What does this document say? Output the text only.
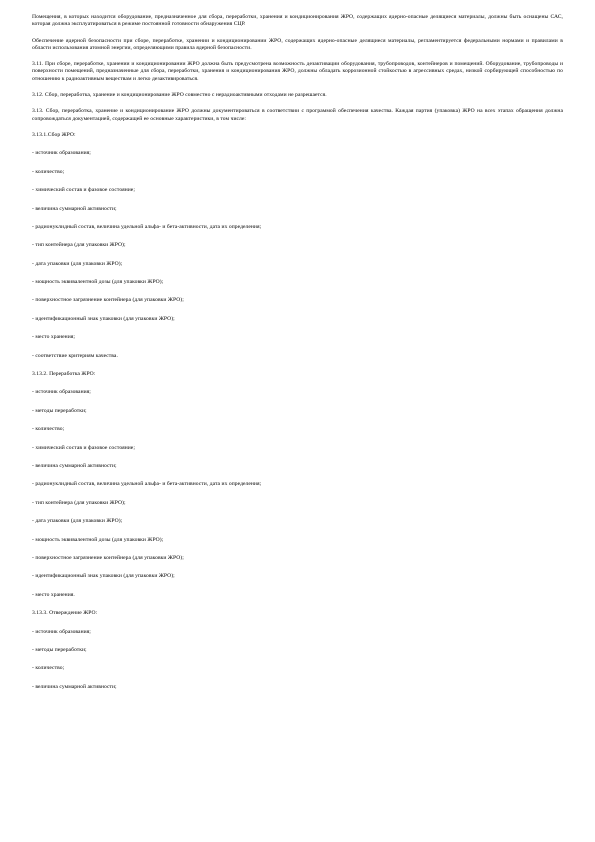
Помещения, в которых находится оборудование, предназначенное для сбора, переработки, хранения и кондиционирования ЖРО, содержащих ядерно-опасные делящиеся материалы, должны быть оснащены САС, которая должна эксплуатироваться в режиме постоянной готовности обнаружения СЦР.
Обеспечение ядерной безопасности при сборе, переработке, хранении и кондиционировании ЖРО, содержащих ядерно-опасные делящиеся материалы, регламентируется федеральными нормами и правилами в области использования атомной энергии, определяющими правила ядерной безопасности.
3.11. При сборе, переработке, хранении и кондиционировании ЖРО должна быть предусмотрена возможность дезактивации оборудования, трубопроводов, контейнеров и помещений. Оборудование, трубопроводы и поверхности помещений, предназначенные для сбора, переработки, хранения и кондиционирования ЖРО, должны обладать коррозионной стойкостью в агрессивных средах, низкой сорбирующей способностью по отношению к радиоактивным веществам и легко дезактивироваться.
3.12. Сбор, переработка, хранение и кондиционирование ЖРО совместно с нерадиоактивными отходами не разрешается.
3.13. Сбор, переработка, хранение и кондиционирование ЖРО должны документироваться в соответствии с программой обеспечения качества. Каждая партия (упаковка) ЖРО на всех этапах обращения должна сопровождаться документацией, содержащей ее основные характеристики, в том числе:
3.13.1.Сбор ЖРО:
- источник образования;
- количество;
- химический состав и фазовое состояние;
- величина суммарной активности;
- радионуклидный состав, величина удельной альфа- и бета-активности, дата их определения;
- тип контейнера (для упаковки ЖРО);
- дата упаковки (для упаковки ЖРО);
- мощность эквивалентной дозы (для упаковки ЖРО);
- поверхностное загрязнение контейнера (для упаковки ЖРО);
- идентификационный знак упаковки (для упаковки ЖРО);
- место хранения;
- соответствие критериям качества.
3.13.2. Переработка ЖРО:
- источник образования;
- методы переработки;
- количество;
- химический состав и фазовое состояние;
- величина суммарной активности;
- радионуклидный состав, величина удельной альфа- и бета-активности, дата их определения;
- тип контейнера (для упаковки ЖРО);
- дата упаковки (для упаковки ЖРО);
- мощность эквивалентной дозы (для упаковки ЖРО);
- поверхностное загрязнение контейнера (для упаковки ЖРО);
- идентификационный знак упаковки (для упаковки ЖРО);
- место хранения.
3.13.3. Отверждение ЖРО:
- источник образования;
- методы переработки;
- количество;
- величина суммарной активности;
